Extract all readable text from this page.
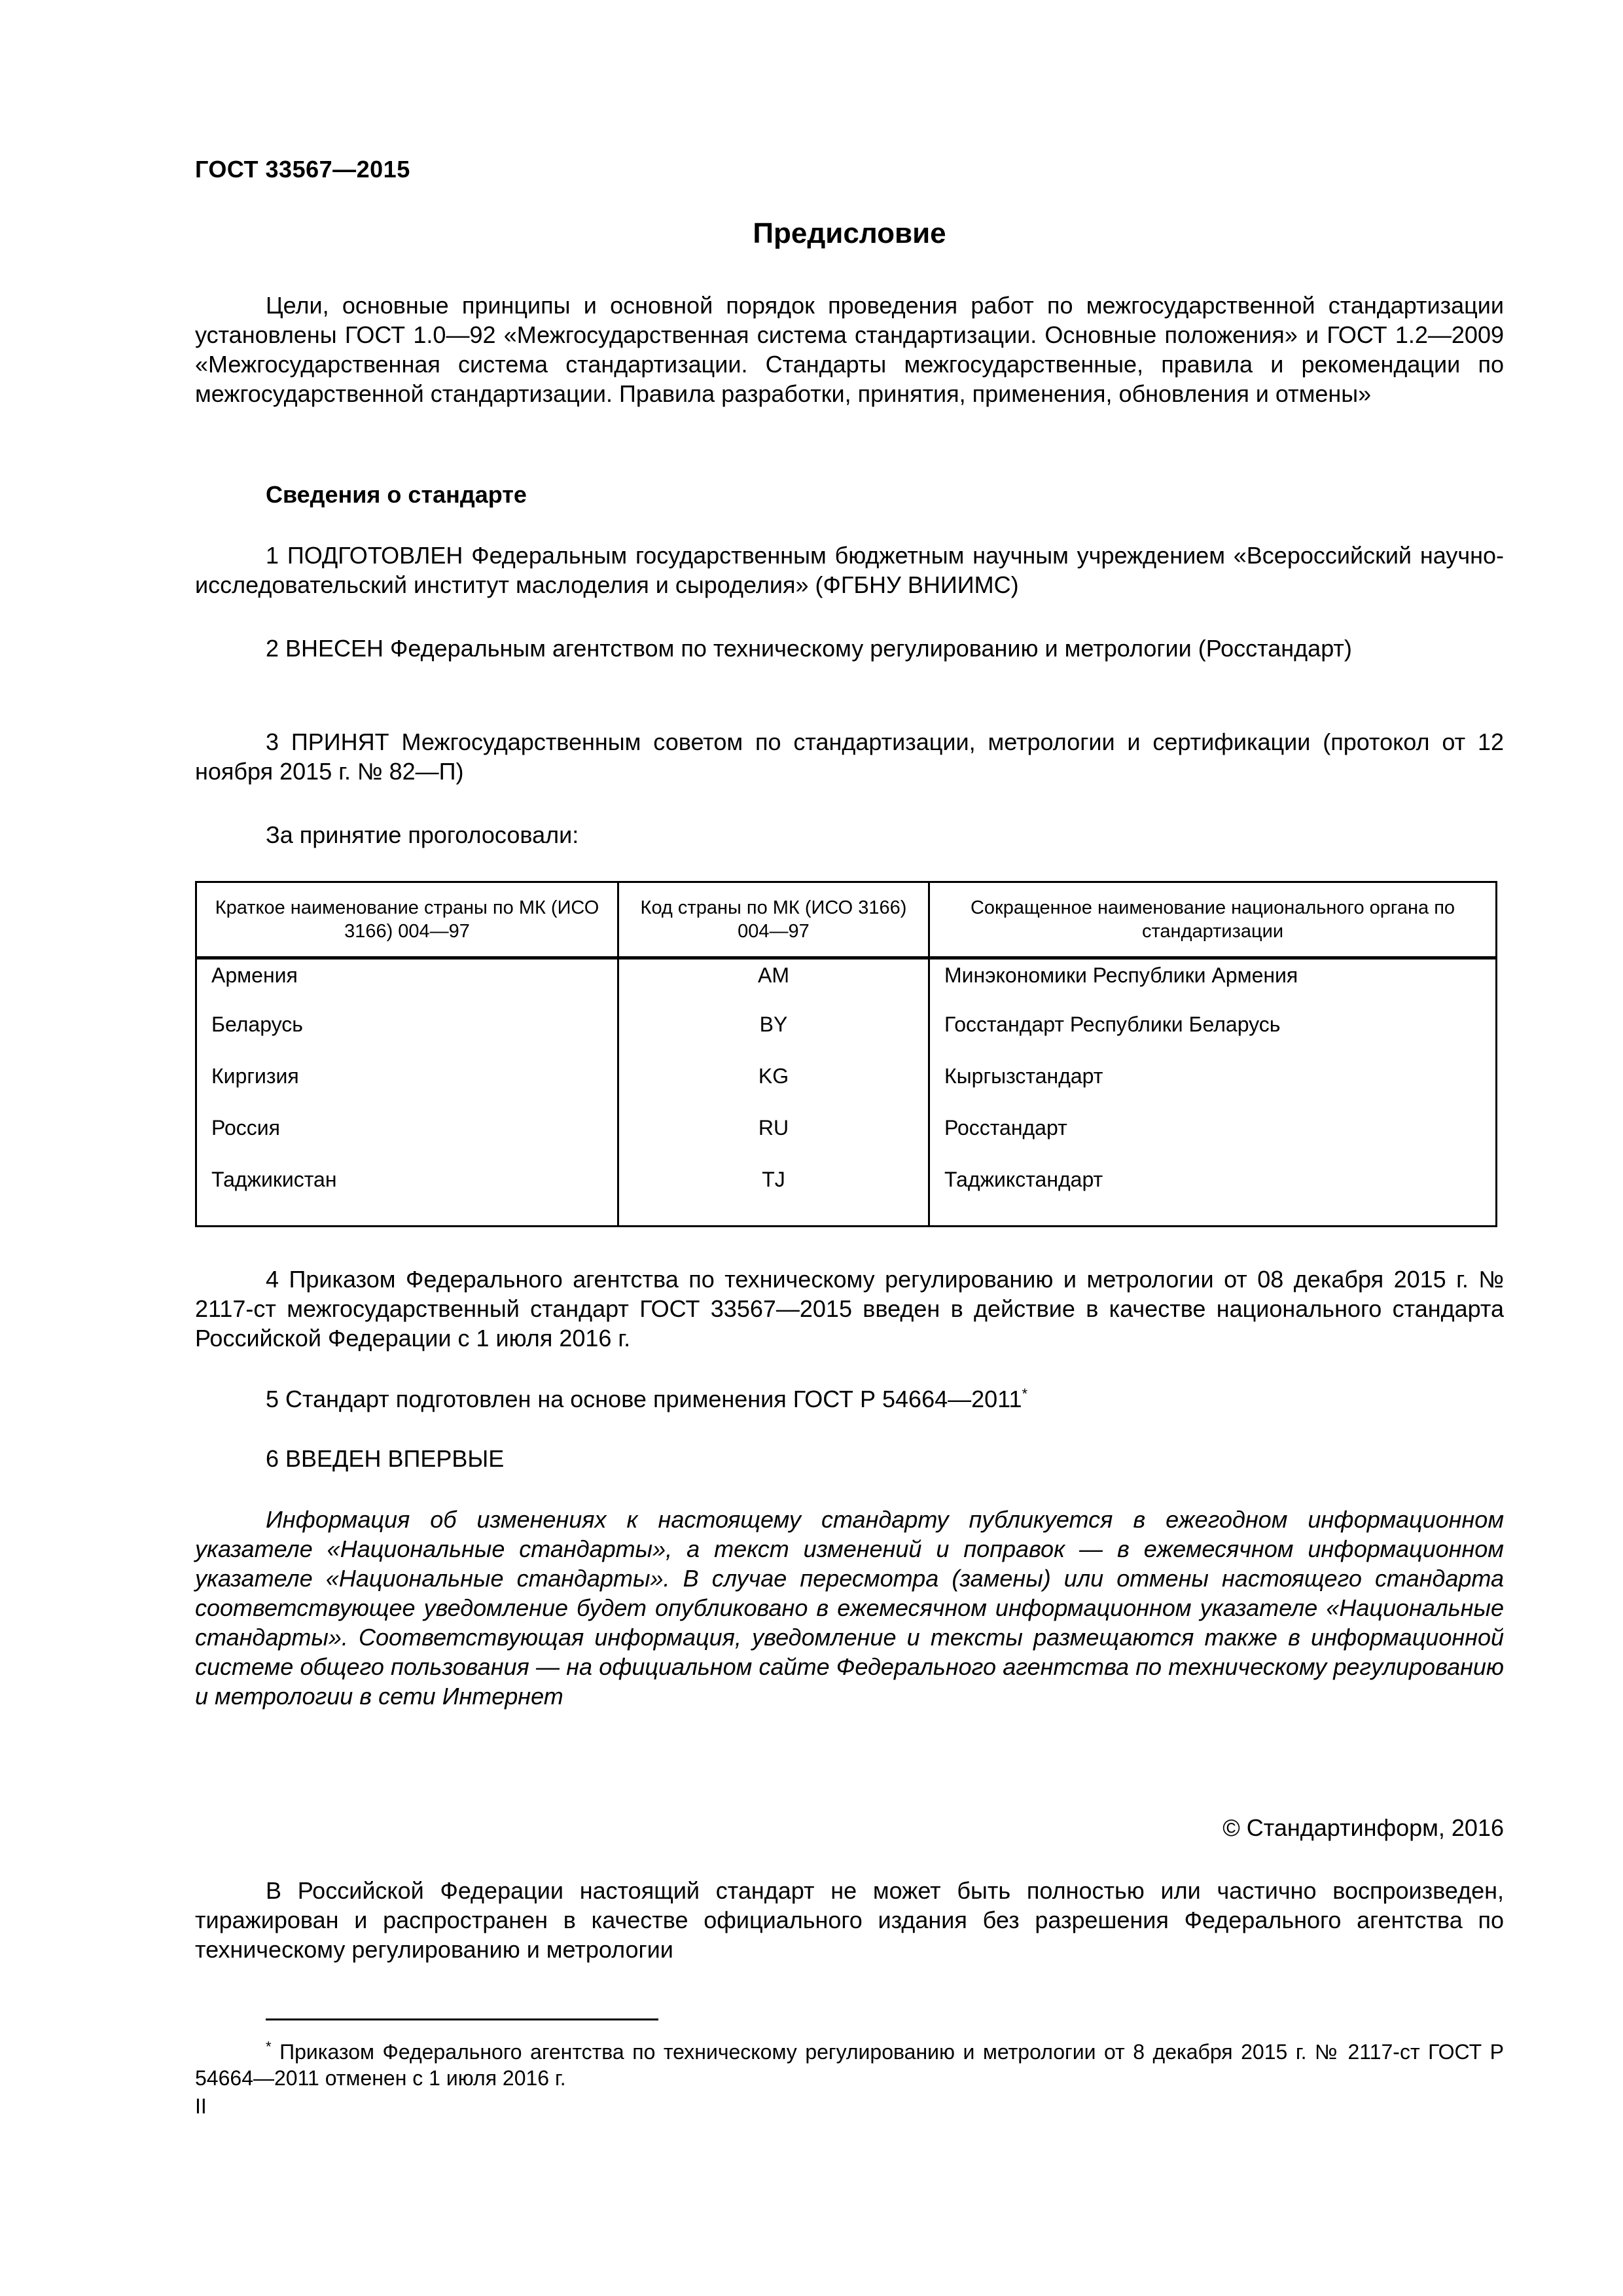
ГОСТ 33567—2015
Предисловие

Цели, основные принципы и основной порядок проведения работ по межгосударственной стандартизации установлены ГОСТ 1.0—92 «Межгосударственная система стандартизации. Основные положения» и ГОСТ 1.2—2009 «Межгосударственная система стандартизации. Стандарты межгосударственные, правила и рекомендации по межгосударственной стандартизации. Правила разработки, принятия, применения, обновления и отмены»

Сведения о стандарте

1 ПОДГОТОВЛЕН Федеральным государственным бюджетным научным учреждением «Всероссийский научно-исследовательский институт маслоделия и сыроделия» (ФГБНУ ВНИИМС)

2 ВНЕСЕН Федеральным агентством по техническому регулированию и метрологии (Росстандарт)

3 ПРИНЯТ Межгосударственным советом по стандартизации, метрологии и сертификации (протокол от 12 ноября 2015 г. № 82—П)

За принятие проголосовали:

Краткое наименование страны по МК (ИСО 3166) 004—97	Код страны по МК (ИСО 3166) 004—97	Сокращенное наименование национального органа по стандартизации
Армения	AM	Минэкономики Республики Армения
Беларусь	BY	Госстандарт Республики Беларусь
Киргизия	KG	Кыргызстандарт
Россия	RU	Росстандарт
Таджикистан	TJ	Таджикстандарт

4 Приказом Федерального агентства по техническому регулированию и метрологии от 08 декабря 2015 г. № 2117-ст межгосударственный стандарт ГОСТ 33567—2015 введен в действие в качестве национального стандарта Российской Федерации с 1 июля 2016 г.

5 Стандарт подготовлен на основе применения ГОСТ Р 54664—2011*

6 ВВЕДЕН ВПЕРВЫЕ

Информация об изменениях к настоящему стандарту публикуется в ежегодном информационном указателе «Национальные стандарты», а текст изменений и поправок — в ежемесячном информационном указателе «Национальные стандарты». В случае пересмотра (замены) или отмены настоящего стандарта соответствующее уведомление будет опубликовано в ежемесячном информационном указателе «Национальные стандарты». Соответствующая информация, уведомление и тексты размещаются также в информационной системе общего пользования — на официальном сайте Федерального агентства по техническому регулированию и метрологии в сети Интернет

© Стандартинформ, 2016

В Российской Федерации настоящий стандарт не может быть полностью или частично воспроизведен, тиражирован и распространен в качестве официального издания без разрешения Федерального агентства по техническому регулированию и метрологии

* Приказом Федерального агентства по техническому регулированию и метрологии от 8 декабря 2015 г. № 2117-ст ГОСТ Р 54664—2011 отменен с 1 июля 2016 г.

II
